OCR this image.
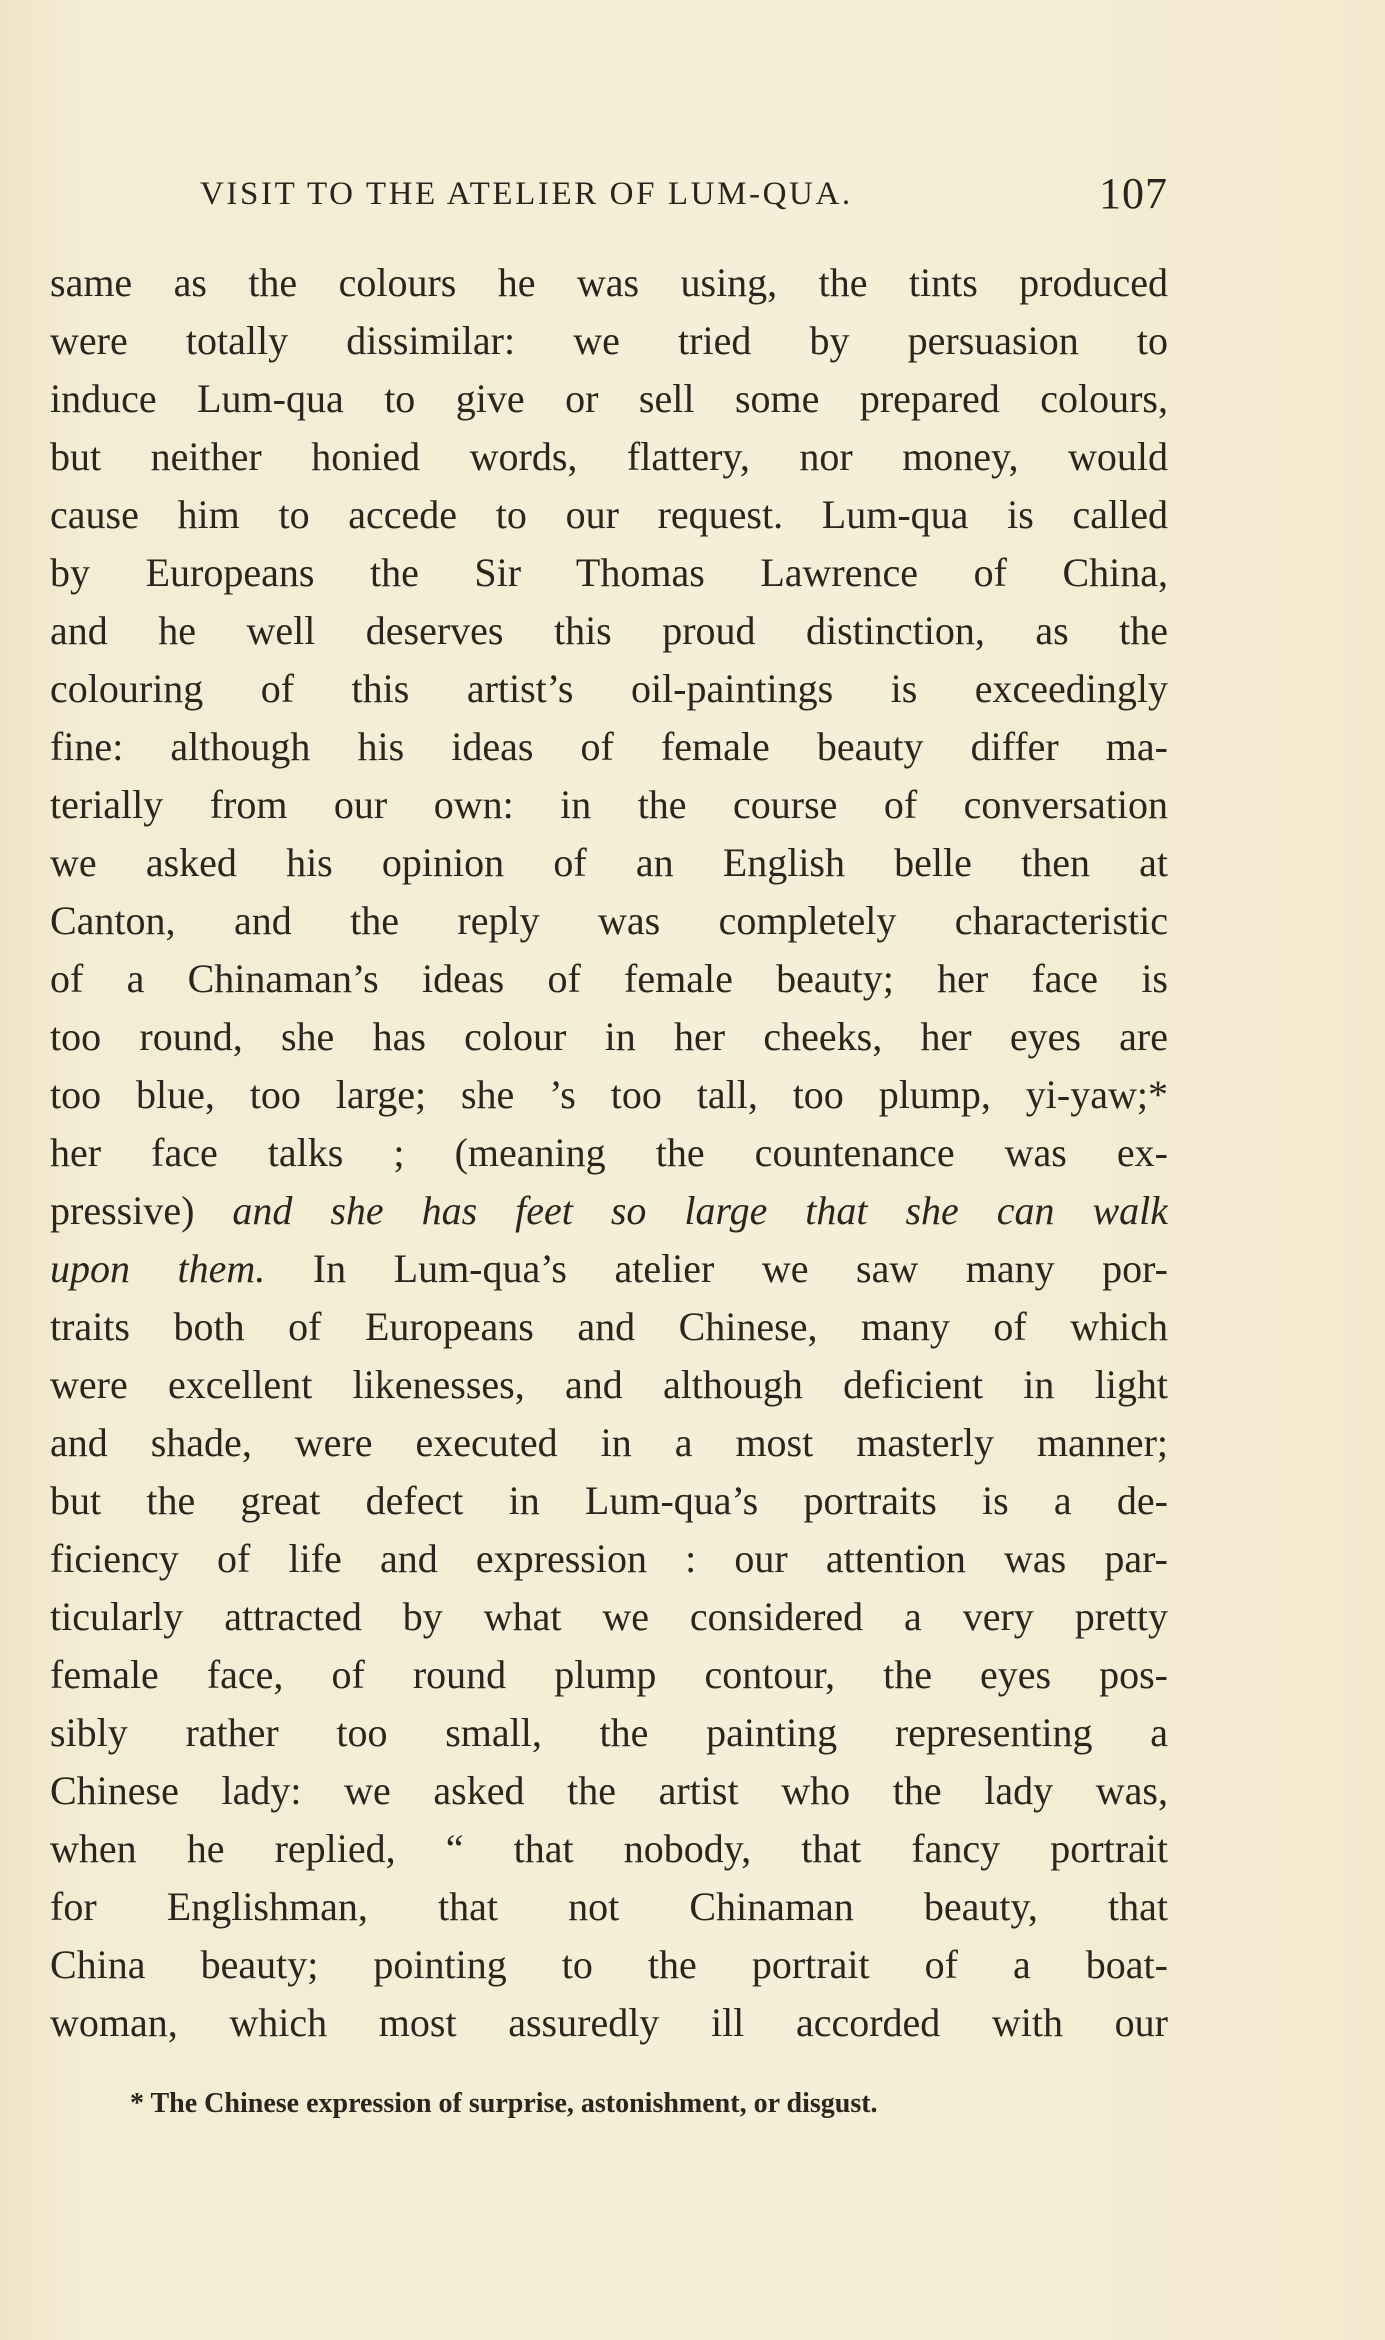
VISIT TO THE ATELIER OF LUM-QUA.	107
same as the colours he was using, the tints produced
were totally dissimilar: we tried by persuasion to
induce Lum-qua to give or sell some prepared colours,
but neither honied words, flattery, nor money, would
cause him to accede to our request. Lum-qua is called
by Europeans the Sir Thomas Lawrence of China,
and he well deserves this proud distinction, as the
colouring of this artist’s oil-paintings is exceedingly
fine: although his ideas of female beauty differ ma-
terially from our own: in the course of conversation
we asked his opinion of an English belle then at
Canton, and the reply was completely characteristic
of a Chinaman’s ideas of female beauty; her face is
too round, she has colour in her cheeks, her eyes are
too blue, too large; she ’s too tall, too plump, yi-yaw;*
her face talks ; (meaning the countenance was ex-
pressive) and she has feet so large that she can walk
upon them. In Lum-qua’s atelier we saw many por-
traits both of Europeans and Chinese, many of which
were excellent likenesses, and although deficient in light
and shade, were executed in a most masterly manner;
but the great defect in Lum-qua’s portraits is a de-
ficiency of life and expression : our attention was par-
ticularly attracted by what we considered a very pretty
female face, of round plump contour, the eyes pos-
sibly rather too small, the painting representing a
Chinese lady: we asked the artist who the lady was,
when he replied, “ that nobody, that fancy portrait
for Englishman, that not Chinaman beauty, that
China beauty; pointing to the portrait of a boat-
woman, which most assuredly ill accorded with our
* The Chinese expression of surprise, astonishment, or disgust.
